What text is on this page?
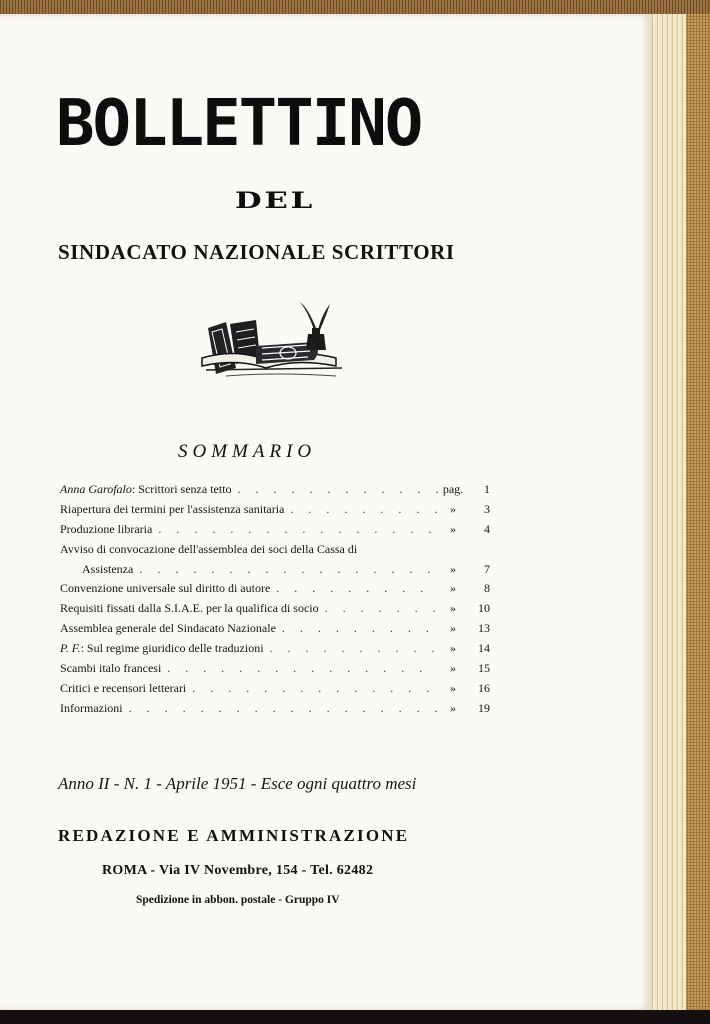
BOLLETTINO
DEL
SINDACATO NAZIONALE SCRITTORI
SOMMARIO
Anna Garofalo: Scrittori senza tetto . . .	pag.	1
Riapertura dei termini per l'assistenza sanitaria . . .	»	3
Produzione libraria . . .	»	4
Avviso di convocazione dell'assemblea dei soci della Cassa di
Assistenza . . .	»	7
Convenzione universale sul diritto di autore . . .	»	8
Requisiti fissati dalla S.I.A.E. per la qualifica di socio . . .	»	10
Assemblea generale del Sindacato Nazionale . . .	»	13
P. F.: Sul regime giuridico delle traduzioni . . .	»	14
Scambi italo francesi . . .	»	15
Critici e recensori letterari . . .	»	16
Informazioni . . .	»	19
Anno II - N. 1 - Aprile 1951 - Esce ogni quattro mesi
REDAZIONE E AMMINISTRAZIONE
ROMA - Via IV Novembre, 154 - Tel. 62482
Spedizione in abbon. postale - Gruppo IV
